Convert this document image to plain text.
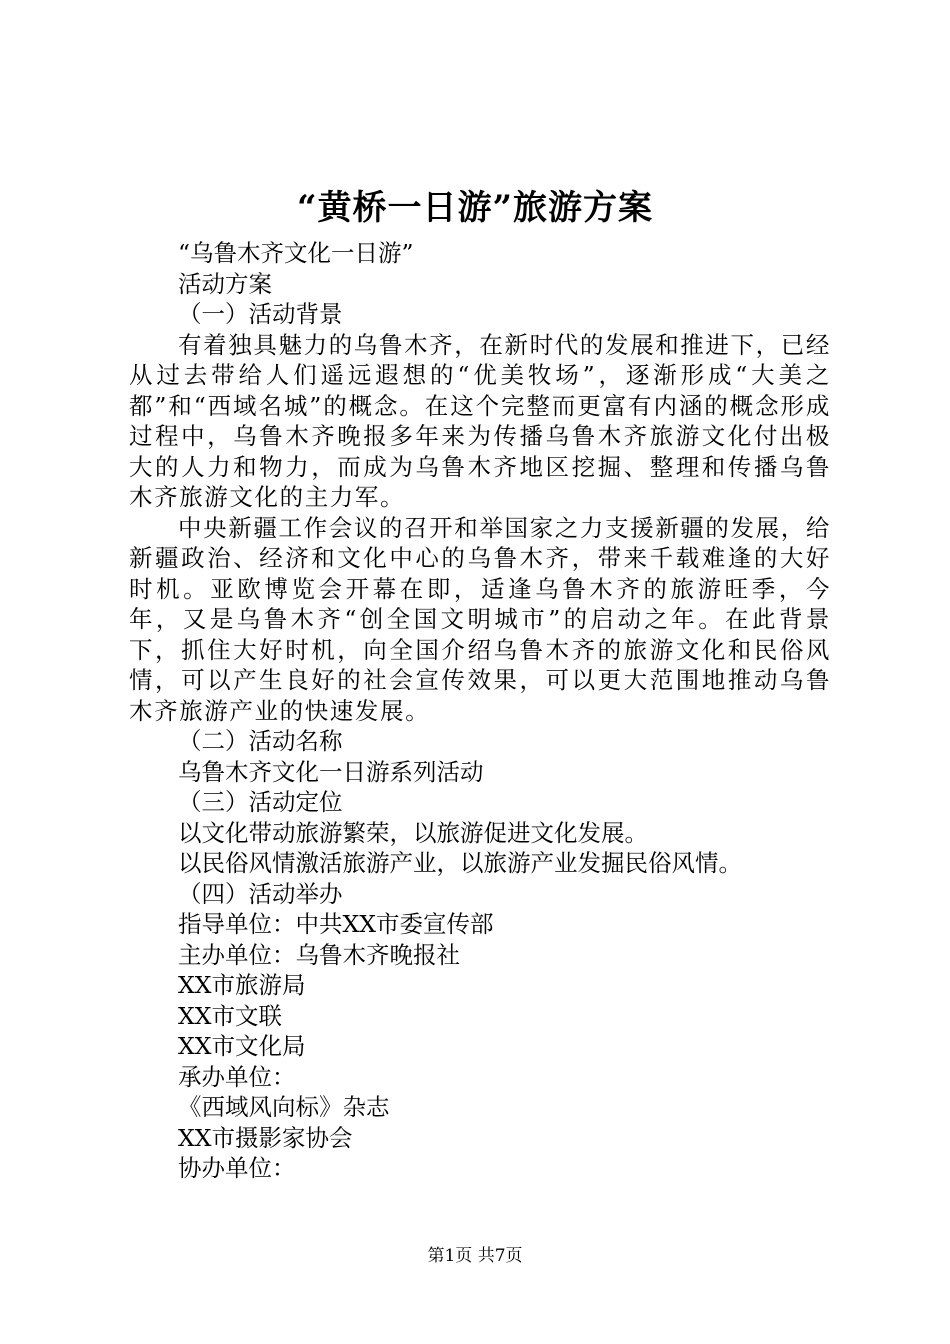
“黄桥一日游”旅游方案
“乌鲁木齐文化一日游”
活动方案
（一）活动背景
有着独具魅力的乌鲁木齐，在新时代的发展和推进下，已经从过去带给人们遥远遐想的“优美牧场”，逐渐形成“大美之都”和“西域名城”的概念。在这个完整而更富有内涵的概念形成过程中，乌鲁木齐晚报多年来为传播乌鲁木齐旅游文化付出极大的人力和物力，而成为乌鲁木齐地区挖掘、整理和传播乌鲁木齐旅游文化的主力军。
中央新疆工作会议的召开和举国家之力支援新疆的发展，给新疆政治、经济和文化中心的乌鲁木齐，带来千载难逢的大好时机。亚欧博览会开幕在即，适逢乌鲁木齐的旅游旺季，今年，又是乌鲁木齐“创全国文明城市”的启动之年。在此背景下，抓住大好时机，向全国介绍乌鲁木齐的旅游文化和民俗风情，可以产生良好的社会宣传效果，可以更大范围地推动乌鲁木齐旅游产业的快速发展。
（二）活动名称
乌鲁木齐文化一日游系列活动
（三）活动定位
以文化带动旅游繁荣，以旅游促进文化发展。
以民俗风情激活旅游产业，以旅游产业发掘民俗风情。
（四）活动举办
指导单位：中共XX市委宣传部
主办单位：乌鲁木齐晚报社
XX市旅游局
XX市文联
XX市文化局
承办单位：
《西域风向标》杂志
XX市摄影家协会
协办单位：
第1页 共7页
